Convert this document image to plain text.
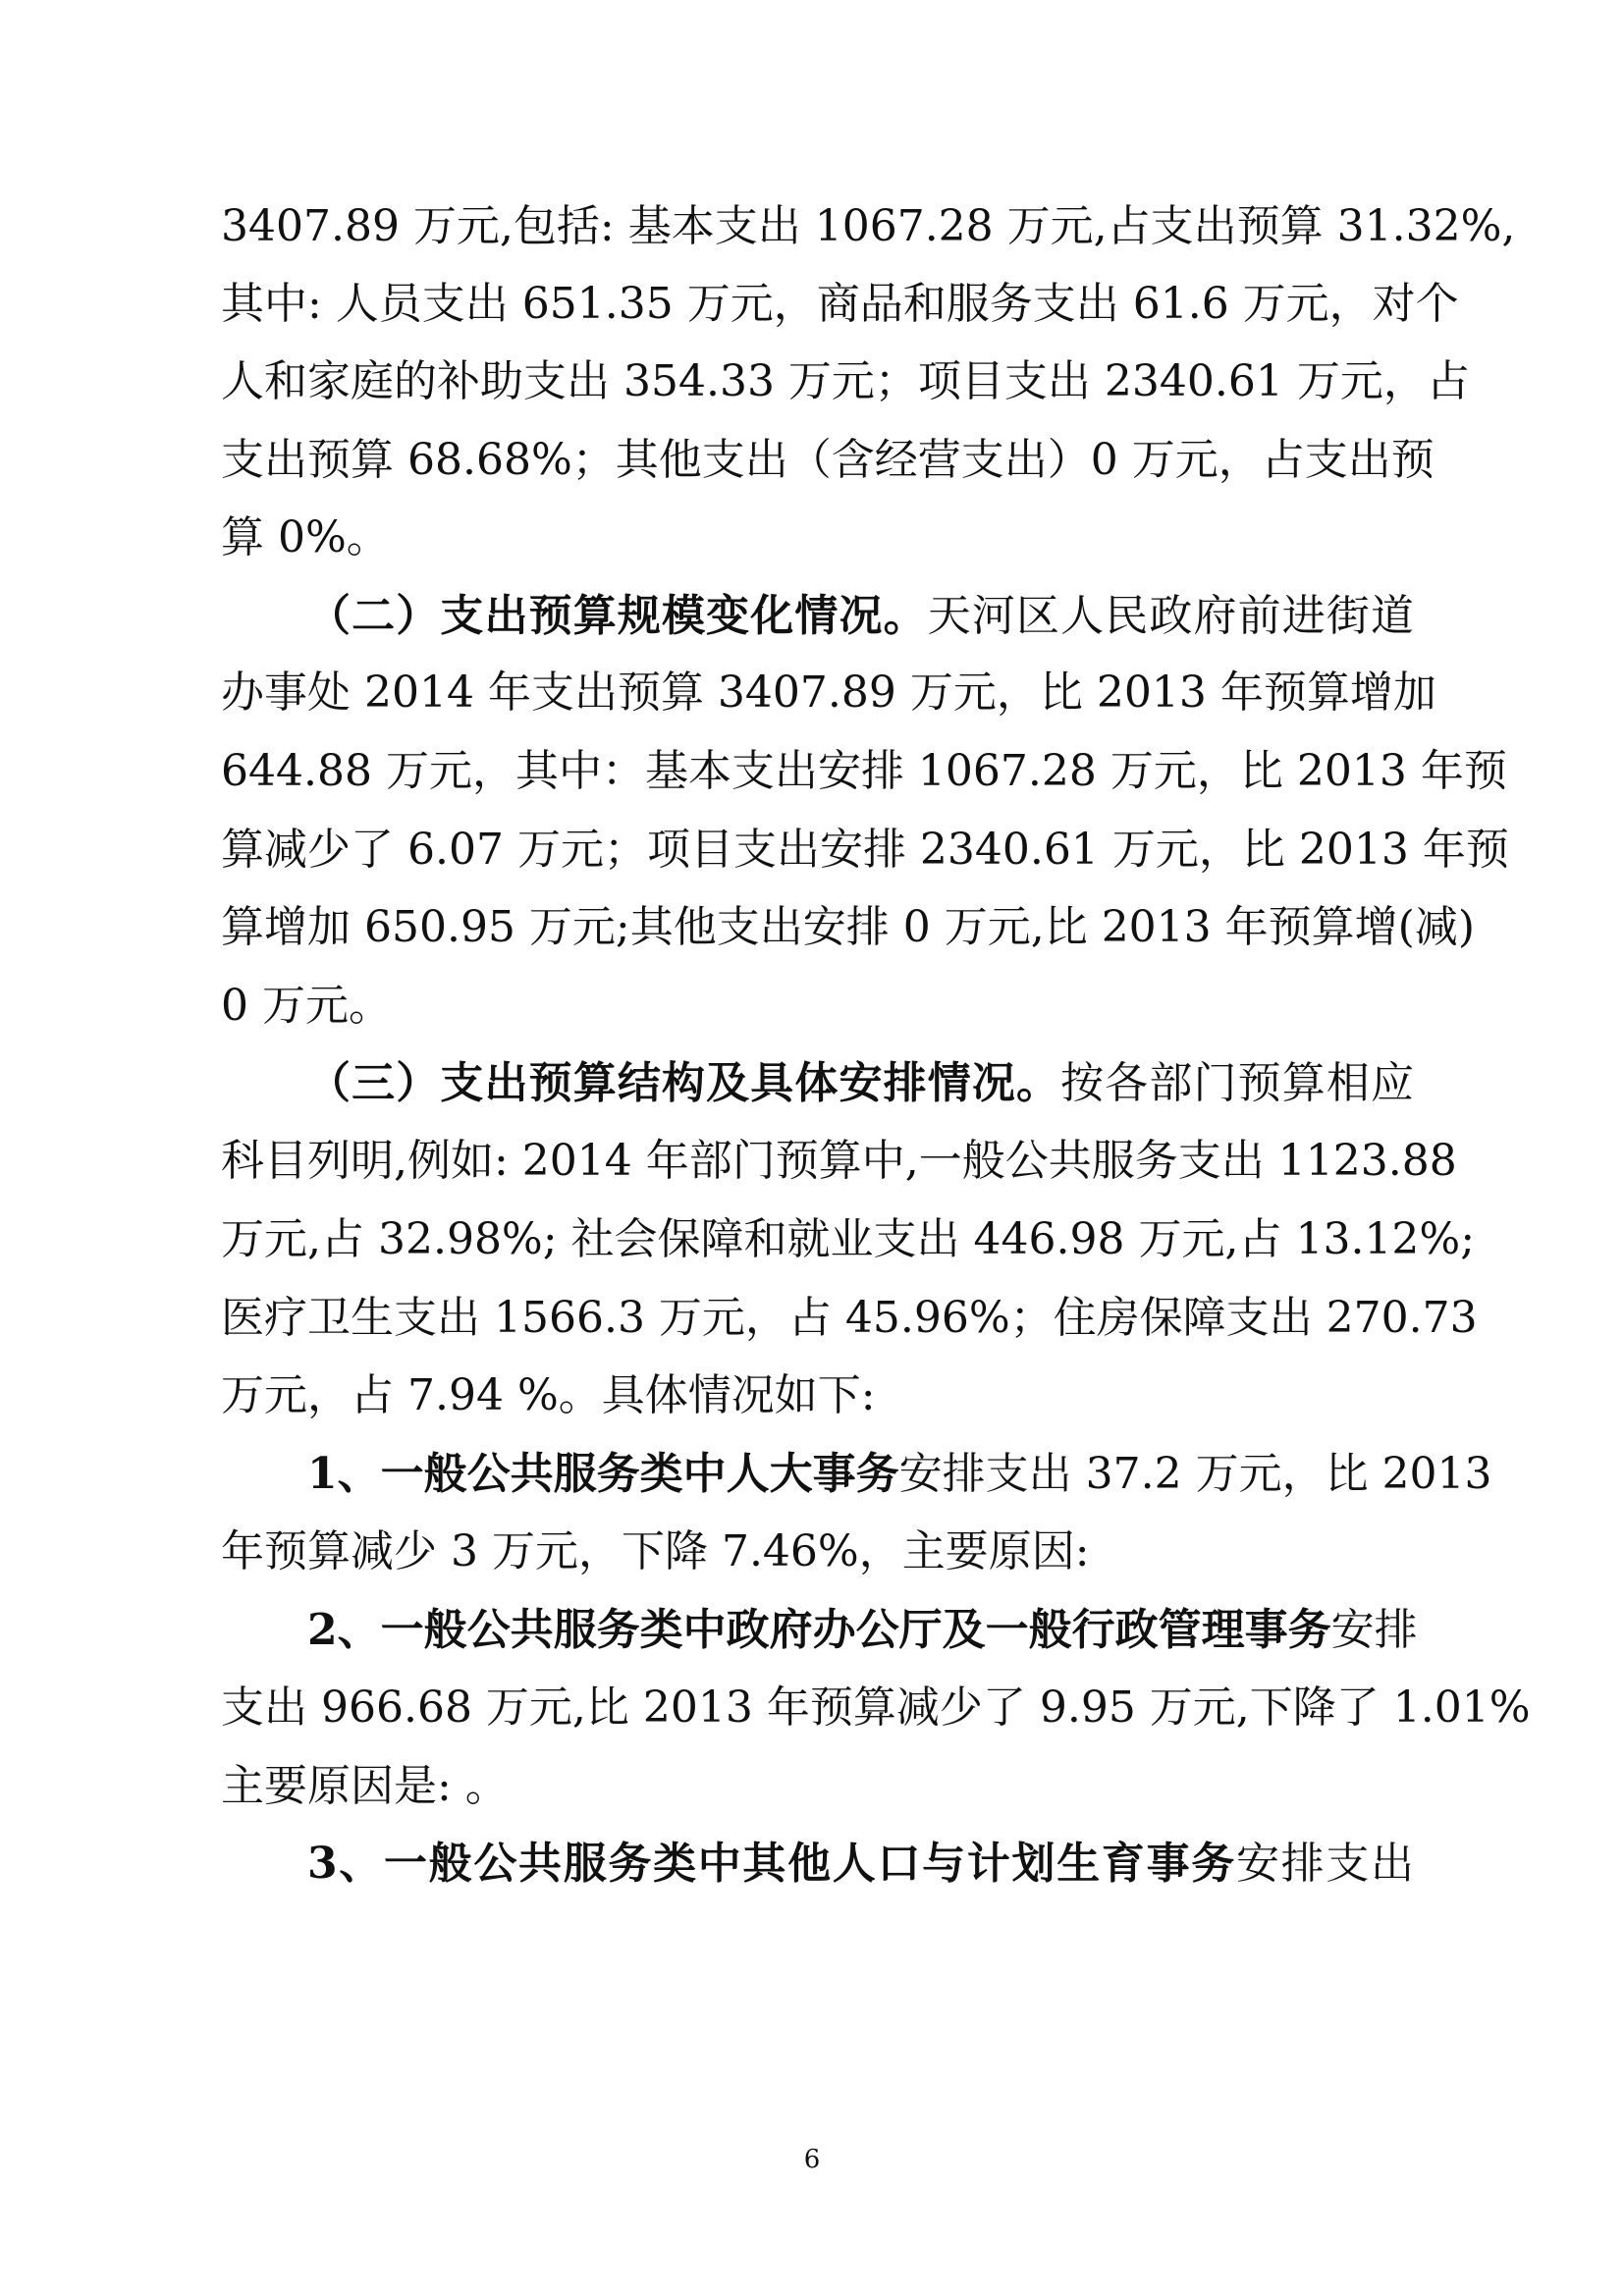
3407.89 万元,包括: 基本支出 1067.28 万元,占支出预算 31.32%,
其中: 人员支出 651.35 万元，商品和服务支出 61.6 万元，对个
人和家庭的补助支出 354.33 万元；项目支出 2340.61 万元，占
支出预算 68.68%；其他支出（含经营支出）0 万元，占支出预
算 0%。
（二）支出预算规模变化情况。天河区人民政府前进街道
办事处 2014 年支出预算 3407.89 万元，比 2013 年预算增加
644.88 万元，其中：基本支出安排 1067.28 万元，比 2013 年预
算减少了 6.07 万元；项目支出安排 2340.61 万元，比 2013 年预
算增加 650.95 万元;其他支出安排 0 万元,比 2013 年预算增(减)
0 万元。
（三）支出预算结构及具体安排情况。按各部门预算相应
科目列明,例如: 2014 年部门预算中,一般公共服务支出 1123.88
万元,占 32.98%; 社会保障和就业支出 446.98 万元,占 13.12%;
医疗卫生支出 1566.3 万元，占 45.96%；住房保障支出 270.73
万元，占 7.94 %。具体情况如下:
1、一般公共服务类中人大事务安排支出 37.2 万元，比 2013
年预算减少 3 万元，下降 7.46%，主要原因:
2、一般公共服务类中政府办公厅及一般行政管理事务安排
支出 966.68 万元,比 2013 年预算减少了 9.95 万元,下降了 1.01%
主要原因是: 。
3、一般公共服务类中其他人口与计划生育事务安排支出
6
